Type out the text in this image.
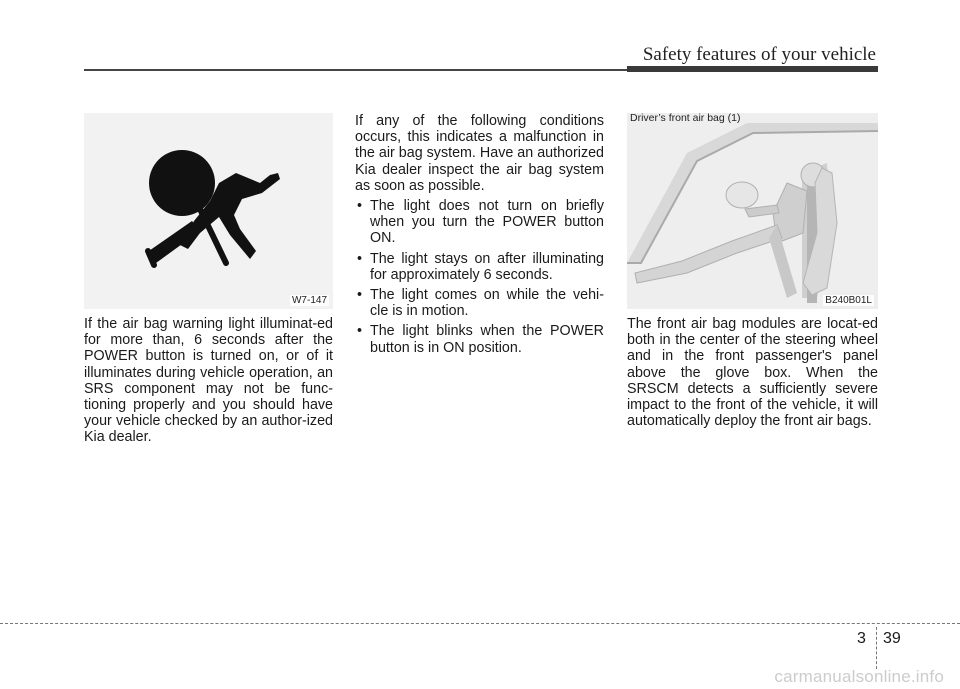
Safety features of your vehicle
W7-147

If the air bag warning light illuminat-ed for more than, 6 seconds after the POWER button is turned on, or of it illuminates during vehicle operation, an SRS component may not be func-tioning properly and you should have your vehicle checked by an author-ized Kia dealer.

If any of the following conditions occurs, this indicates a malfunction in the air bag system. Have an authorized Kia dealer inspect the air bag system as soon as possible.

• The light does not turn on briefly when you turn the POWER button ON.
• The light stays on after illuminating for approximately 6 seconds.
• The light comes on while the vehi-cle is in motion.
• The light blinks when the POWER button is in ON position.
B240B01L
Driver’s front air bag (1)

The front air bag modules are locat-ed both in the center of the steering wheel and in the front passenger's panel above the glove box. When the SRSCM detects a sufficiently severe impact to the front of the vehicle, it will automatically deploy the front air bags.

3 39
carmanualsonline.info
